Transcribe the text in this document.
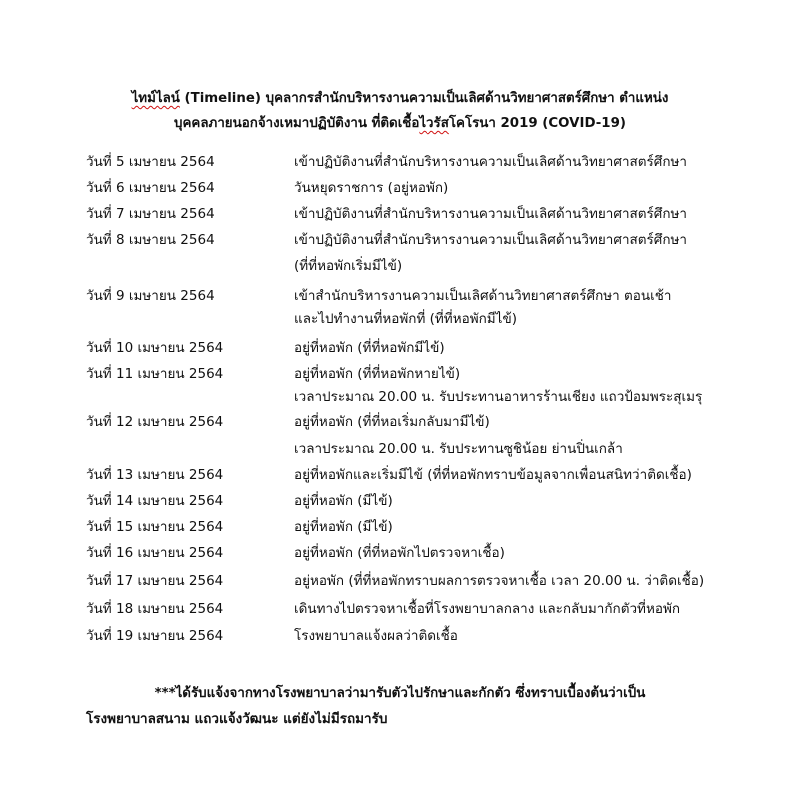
ไทม์ไลน์ (Timeline) บุคลากรสำนักบริหารงานความเป็นเลิศด้านวิทยาศาสตร์ศึกษา ตำแหน่ง
บุคคลภายนอกจ้างเหมาปฏิบัติงาน ที่ติดเชื้อไวรัสโคโรนา 2019 (COVID-19)
วันที่ 5 เมษายน 2564	เข้าปฏิบัติงานที่สำนักบริหารงานความเป็นเลิศด้านวิทยาศาสตร์ศึกษา
วันที่ 6 เมษายน 2564	วันหยุดราชการ (อยู่หอพัก)
วันที่ 7 เมษายน 2564	เข้าปฏิบัติงานที่สำนักบริหารงานความเป็นเลิศด้านวิทยาศาสตร์ศึกษา
วันที่ 8 เมษายน 2564	เข้าปฏิบัติงานที่สำนักบริหารงานความเป็นเลิศด้านวิทยาศาสตร์ศึกษา
(ที่ที่หอพักเริ่มมีไข้)
วันที่ 9 เมษายน 2564	เข้าสำนักบริหารงานความเป็นเลิศด้านวิทยาศาสตร์ศึกษา ตอนเช้า
และไปทำงานที่หอพักที่ (ที่ที่หอพักมีไข้)
วันที่ 10 เมษายน 2564	อยู่ที่หอพัก (ที่ที่หอพักมีไข้)
วันที่ 11 เมษายน 2564	อยู่ที่หอพัก (ที่ที่หอพักหายไข้)
เวลาประมาณ 20.00 น. รับประทานอาหารร้านเชียง แถวป้อมพระสุเมรุ
วันที่ 12 เมษายน 2564	อยู่ที่หอพัก (ที่ที่หอเริ่มกลับมามีไข้)
เวลาประมาณ 20.00 น. รับประทานซูชิน้อย ย่านปิ่นเกล้า
วันที่ 13 เมษายน 2564	อยู่ที่หอพักและเริ่มมีไข้ (ที่ที่หอพักทราบข้อมูลจากเพื่อนสนิทว่าติดเชื้อ)
วันที่ 14 เมษายน 2564	อยู่ที่หอพัก (มีไข้)
วันที่ 15 เมษายน 2564	อยู่ที่หอพัก (มีไข้)
วันที่ 16 เมษายน 2564	อยู่ที่หอพัก (ที่ที่หอพักไปตรวจหาเชื้อ)
วันที่ 17 เมษายน 2564	อยู่หอพัก (ที่ที่หอพักทราบผลการตรวจหาเชื้อ เวลา 20.00 น. ว่าติดเชื้อ)
วันที่ 18 เมษายน 2564	เดินทางไปตรวจหาเชื้อที่โรงพยาบาลกลาง และกลับมากักตัวที่หอพัก
วันที่ 19 เมษายน 2564	โรงพยาบาลแจ้งผลว่าติดเชื้อ
***ได้รับแจ้งจากทางโรงพยาบาลว่ามารับตัวไปรักษาและกักตัว ซึ่งทราบเบื้องต้นว่าเป็น
โรงพยาบาลสนาม แถวแจ้งวัฒนะ แต่ยังไม่มีรถมารับ
